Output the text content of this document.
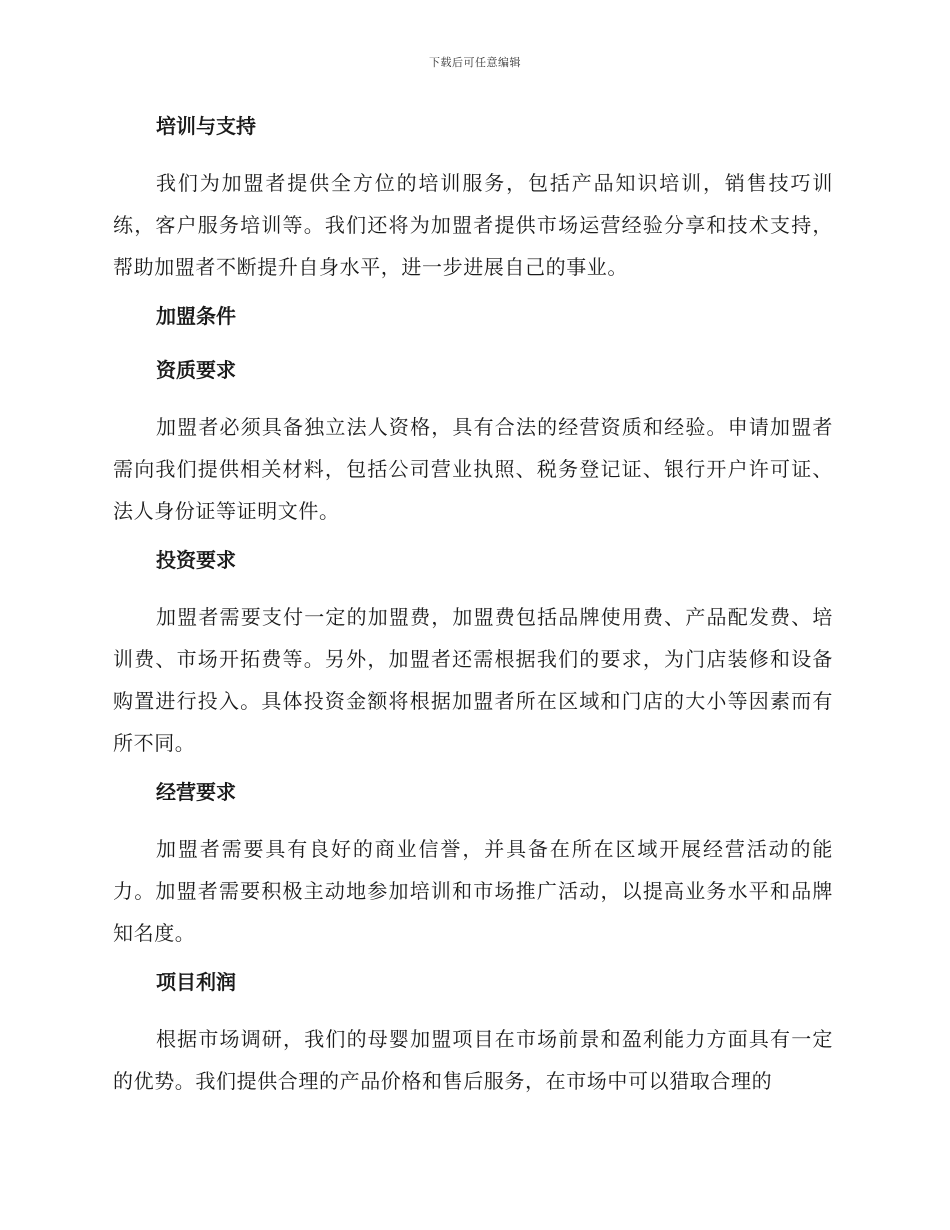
下载后可任意编辑
培训与支持

我们为加盟者提供全方位的培训服务，包括产品知识培训，销售技巧训练，客户服务培训等。我们还将为加盟者提供市场运营经验分享和技术支持，帮助加盟者不断提升自身水平，进一步进展自己的事业。

加盟条件
资质要求

加盟者必须具备独立法人资格，具有合法的经营资质和经验。申请加盟者需向我们提供相关材料，包括公司营业执照、税务登记证、银行开户许可证、法人身份证等证明文件。

投资要求

加盟者需要支付一定的加盟费，加盟费包括品牌使用费、产品配发费、培训费、市场开拓费等。另外，加盟者还需根据我们的要求，为门店装修和设备购置进行投入。具体投资金额将根据加盟者所在区域和门店的大小等因素而有所不同。

经营要求

加盟者需要具有良好的商业信誉，并具备在所在区域开展经营活动的能力。加盟者需要积极主动地参加培训和市场推广活动，以提高业务水平和品牌知名度。

项目利润

根据市场调研，我们的母婴加盟项目在市场前景和盈利能力方面具有一定的优势。我们提供合理的产品价格和售后服务，在市场中可以猎取合理的
